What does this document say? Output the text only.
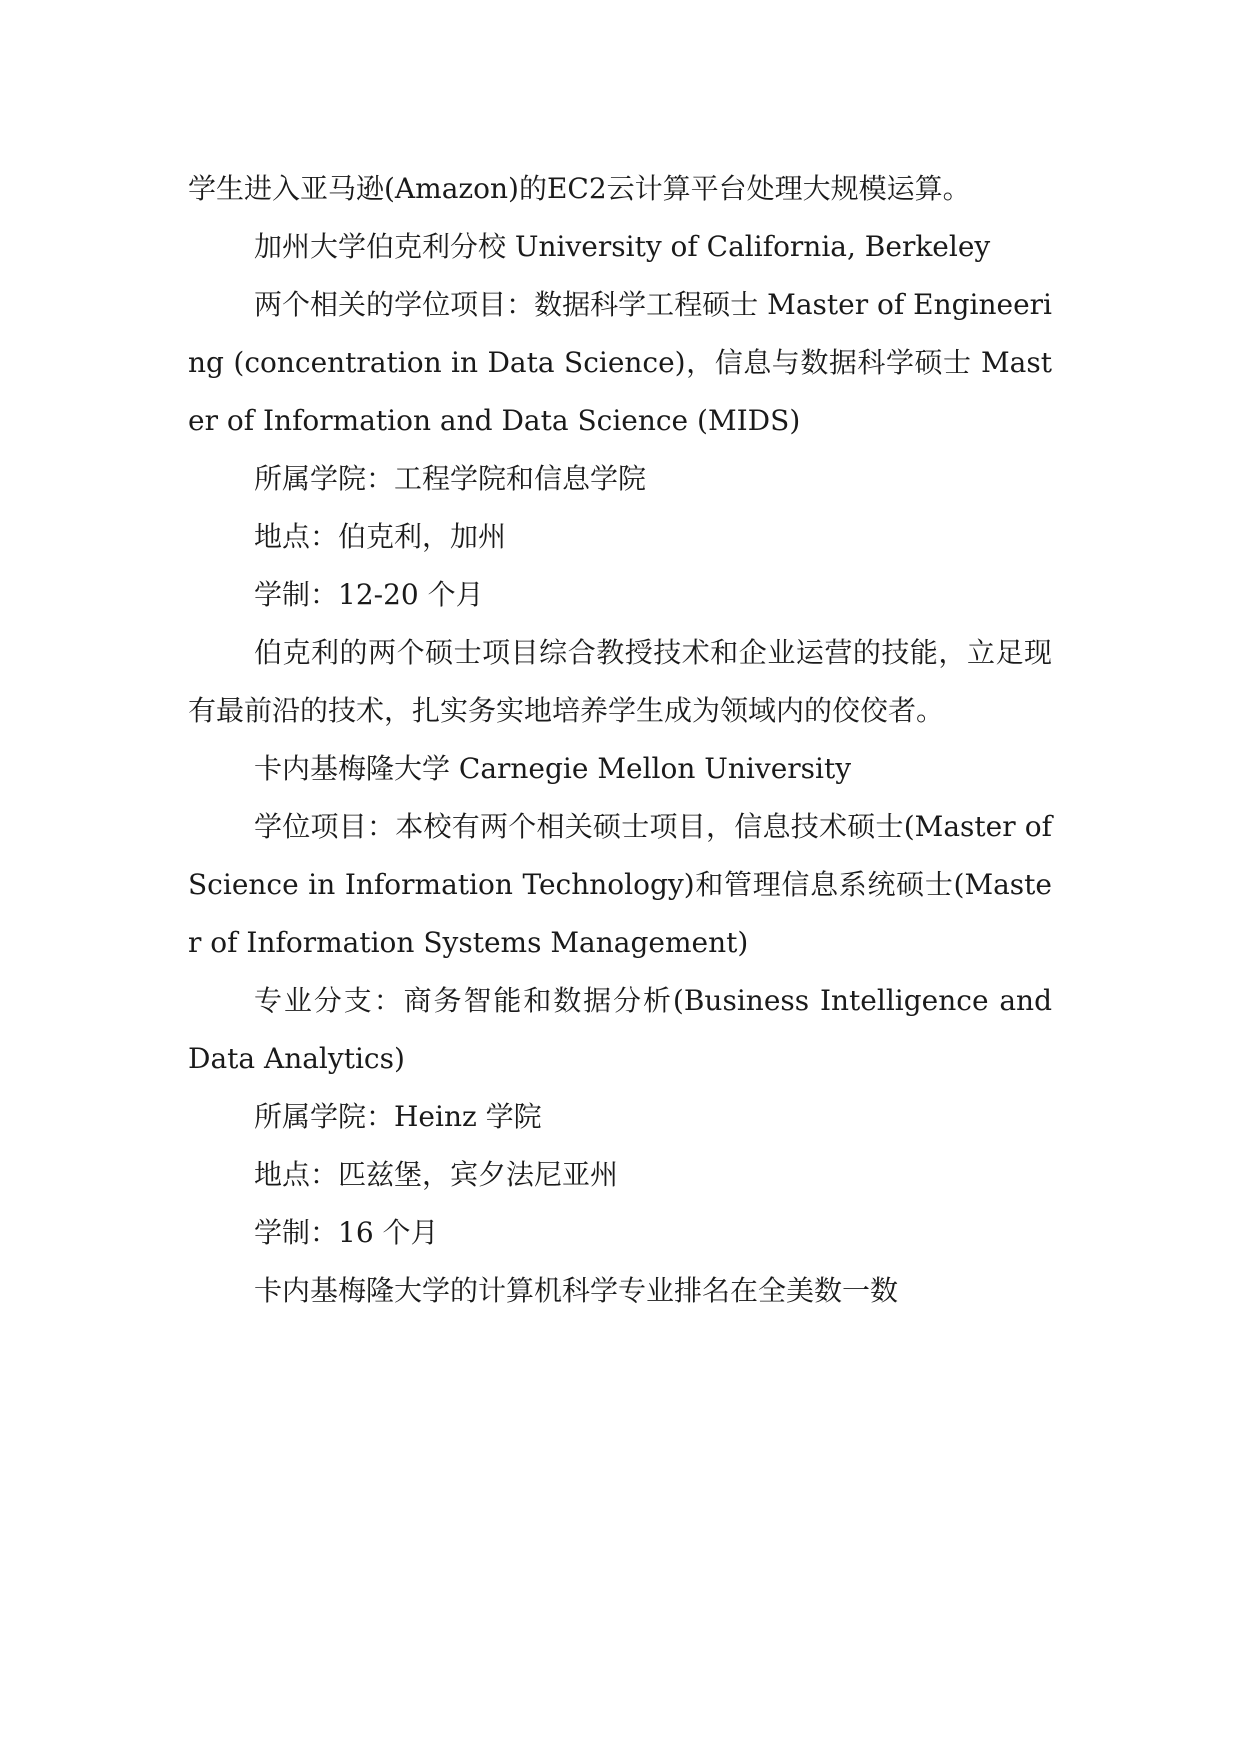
学生进入亚马逊(Amazon)的EC2云计算平台处理大规模运算。

加州大学伯克利分校 University of California, Berkeley

两个相关的学位项目：数据科学工程硕士 Master of Engineering (concentration in Data Science)，信息与数据科学硕士 Master of Information and Data Science (MIDS)

所属学院：工程学院和信息学院

地点：伯克利，加州

学制：12-20 个月

伯克利的两个硕士项目综合教授技术和企业运营的技能，立足现有最前沿的技术，扎实务实地培养学生成为领域内的佼佼者。

卡内基梅隆大学 Carnegie Mellon University

学位项目：本校有两个相关硕士项目，信息技术硕士(Master of Science in Information Technology)和管理信息系统硕士(Master of Information Systems Management)

专业分支：商务智能和数据分析(Business Intelligence and Data Analytics)

所属学院：Heinz 学院

地点：匹兹堡，宾夕法尼亚州

学制：16 个月

卡内基梅隆大学的计算机科学专业排名在全美数一数
